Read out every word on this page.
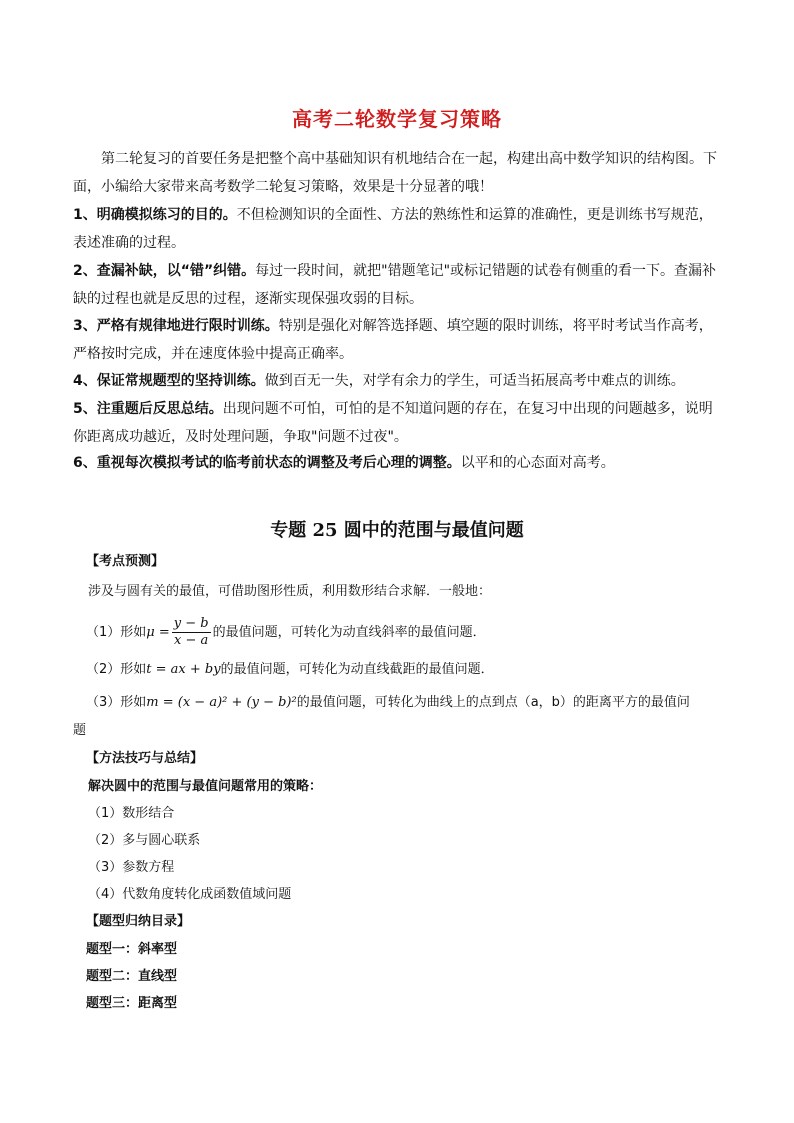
高考二轮数学复习策略
第二轮复习的首要任务是把整个高中基础知识有机地结合在一起，构建出高中数学知识的结构图。下面，小编给大家带来高考数学二轮复习策略，效果是十分显著的哦！
1、明确模拟练习的目的。不但检测知识的全面性、方法的熟练性和运算的准确性，更是训练书写规范，表述准确的过程。
2、查漏补缺，以“错”纠错。每过一段时间，就把"错题笔记"或标记错题的试卷有侧重的看一下。查漏补缺的过程也就是反思的过程，逐渐实现保强攻弱的目标。
3、严格有规律地进行限时训练。特别是强化对解答选择题、填空题的限时训练，将平时考试当作高考，严格按时完成，并在速度体验中提高正确率。
4、保证常规题型的坚持训练。做到百无一失，对学有余力的学生，可适当拓展高考中难点的训练。
5、注重题后反思总结。出现问题不可怕，可怕的是不知道问题的存在，在复习中出现的问题越多，说明你距离成功越近，及时处理问题，争取"问题不过夜"。
6、重视每次模拟考试的临考前状态的调整及考后心理的调整。以平和的心态面对高考。
专题 25 圆中的范围与最值问题
【考点预测】
涉及与圆有关的最值，可借助图形性质，利用数形结合求解．一般地：
（1）形如$\mu = \frac{y - b}{x - a}$ 的最值问题，可转化为动直线斜率的最值问题．
（2）形如t = ax + by的最值问题，可转化为动直线截距的最值问题．
（3）形如m = (x − a)² + (y − b)²的最值问题，可转化为曲线上的点到点（a，b）的距离平方的最值问
题
【方法技巧与总结】
解决圆中的范围与最值问题常用的策略：
（1）数形结合
（2）多与圆心联系
（3）参数方程
（4）代数角度转化成函数值域问题
【题型归纳目录】
题型一：斜率型
题型二：直线型
题型三：距离型
